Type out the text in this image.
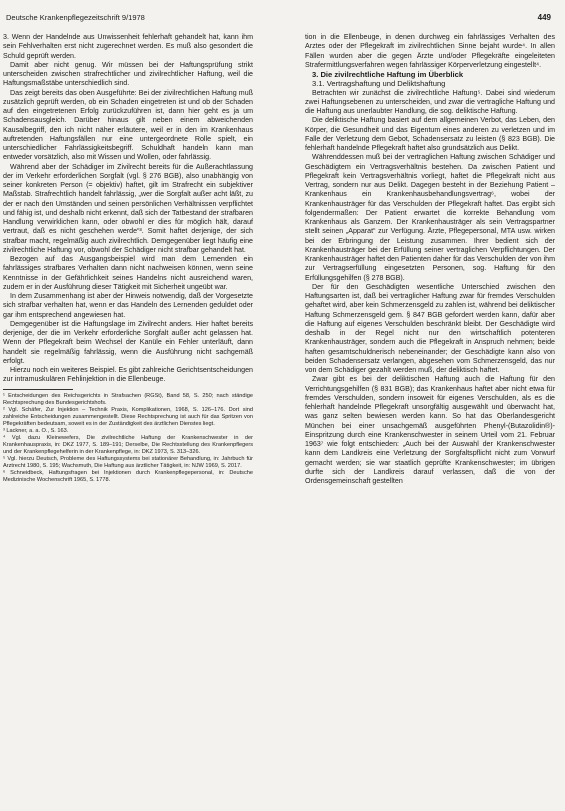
Deutsche Krankenpflegezeitschrift 9/1978	449

3. Wenn der Handelnde aus Unwissenheit fehlerhaft gehandelt hat, kann ihm sein Fehlverhalten erst nicht zugerechnet werden. Es muß also gesondert die Schuld geprüft werden.

Damit aber nicht genug. Wir müssen bei der Haftungsprüfung strikt unterscheiden zwischen strafrechtlicher und zivilrechtlicher Haftung, weil die Haftungsmaßstäbe unterschiedlich sind.

Das zeigt bereits das oben Ausgeführte: Bei der zivilrechtlichen Haftung muß zusätzlich geprüft werden, ob ein Schaden eingetreten ist und ob der Schaden auf den eingetretenen Erfolg zurückzuführen ist, dann hier geht es ja um Schadensausgleich. Darüber hinaus gilt neben einem abweichenden Kausalbegriff, den ich nicht näher erläutere, weil er in den im Krankenhaus auftretenden Haftungsfällen nur eine untergeordnete Rolle spielt, ein unterschiedlicher Fahrlässigkeitsbegriff. Schuldhaft handeln kann man entweder vorsätzlich, also mit Wissen und Wollen, oder fahrlässig.

Während aber der Schädiger im Zivilrecht bereits für die Außerachtlassung der im Verkehr erforderlichen Sorgfalt (vgl. § 276 BGB), also unabhängig von seiner konkreten Person (= objektiv) haftet, gilt im Strafrecht ein subjektiver Maßstab. Strafrechtlich handelt fahrlässig, „wer die Sorgfalt außer acht läßt, zu der er nach den Umständen und seinen persönlichen Verhältnissen verpflichtet und fähig ist, und deshalb nicht erkennt, daß sich der Tatbestand der strafbaren Handlung verwirklichen kann, oder obwohl er dies für möglich hält, darauf vertraut, daß es nicht geschehen werde“³. Somit haftet derjenige, der sich strafbar macht, regelmäßig auch zivilrechtlich. Demgegenüber liegt häufig eine zivilrechtliche Haftung vor, obwohl der Schädiger nicht strafbar gehandelt hat.

Bezogen auf das Ausgangsbeispiel wird man dem Lernenden ein fahrlässiges strafbares Verhalten dann nicht nachweisen können, wenn seine Kenntnisse in der Gefährlichkeit seines Handelns nicht ausreichend waren, zudem er in der Ausführung dieser Tätigkeit mit Sicherheit ungeübt war.

In dem Zusammenhang ist aber der Hinweis notwendig, daß der Vorgesetzte sich strafbar verhalten hat, wenn er das Handeln des Lernenden geduldet oder gar ihm entsprechend angewiesen hat.

Demgegenüber ist die Haftungslage im Zivilrecht anders. Hier haftet bereits derjenige, der die im Verkehr erforderliche Sorgfalt außer acht gelassen hat. Wenn der Pflegekraft beim Wechsel der Kanüle ein Fehler unterläuft, dann handelt sie regelmäßig fahrlässig, wenn die Ausführung nicht sachgemäß erfolgt.

Hierzu noch ein weiteres Beispiel. Es gibt zahlreiche Gerichtsentscheidungen zur intramuskulären Fehlinjektion in die Ellenbeuge.

¹ Entscheidungen des Reichsgerichts in Strafsachen (RGSt), Band 58, S. 250; nach ständige Rechtsprechung des Bundesgerichtshofs.

² Vgl. Schäfer, Zur Injektion – Technik Praxis, Komplikationen, 1968, S. 126–176. Dort sind zahlreiche Entscheidungen zusammengestellt. Diese Rechtsprechung ist auch für das Spritzen von Pflegekräften bedeutsam, soweit es in der Zuständigkeit des ärztlichen Dienstes liegt.

³ Lackner, a. a. O., S. 163.

⁴ Vgl. dazu Kleinewefers, Die zivilrechtliche Haftung der Krankenschwester in der Krankenhauspraxis, in: DKZ 1977, S. 189–191; Derselbe, Die Rechtsstellung des Krankenpflegers und der Krankenpflegehelferin in der Krankenpflege, in: DKZ 1973, S. 313–326.

⁵ Vgl. hierzu Deutsch, Probleme des Haftungssystems bei stationärer Behandlung, in: Jahrbuch für Arztrecht 1980, S. 195; Wachsmuth, Die Haftung aus ärztlicher Tätigkeit, in: NJW 1969, S. 2017.

⁶ Schneidbeck, Haftungsfragen bei Injektionen durch Krankenpflegepersonal, in: Deutsche Medizinische Wochenschrift 1965, S. 1778.

tion in die Ellenbeuge, in denen durchweg ein fahrlässiges Verhalten des Arztes oder der Pflegekraft im zivilrechtlichen Sinne bejaht wurde⁴. In allen Fällen wurden aber die gegen Ärzte und/oder Pflegekräfte eingeleiteten Strafermittlungsverfahren wegen fahrlässiger Körperverletzung eingestellt⁴.

3. Die zivilrechtliche Haftung im Überblick

3.1. Vertragshaftung und Deliktshaftung

Betrachten wir zunächst die zivilrechtliche Haftung⁵. Dabei sind wiederum zwei Haftungsebenen zu unterscheiden, und zwar die vertragliche Haftung und die Haftung aus unerlaubter Handlung, die sog. deliktische Haftung.

Die deliktische Haftung basiert auf dem allgemeinen Verbot, das Leben, den Körper, die Gesundheit und das Eigentum eines anderen zu verletzen und im Falle der Verletzung dem Gebot, Schadensersatz zu leisten (§ 823 BGB). Die fehlerhaft handelnde Pflegekraft haftet also grundsätzlich aus Delikt.

Währenddessen muß bei der vertraglichen Haftung zwischen Schädiger und Geschädigtem ein Vertragsverhältnis bestehen. Da zwischen Patient und Pflegekraft kein Vertragsverhältnis vorliegt, haftet die Pflegekraft nicht aus Vertrag, sondern nur aus Delikt. Dagegen besteht in der Beziehung Patient – Krankenhaus ein Krankenhausbehandlungsvertrag⁶, wobei der Krankenhausträger für das Verschulden der Pflegekraft haftet. Das ergibt sich folgendermaßen: Der Patient erwartet die korrekte Behandlung vom Krankenhaus als Ganzem. Der Krankenhausträger als sein Vertragspartner stellt seinen „Apparat“ zur Verfügung. Ärzte, Pflegepersonal, MTA usw. wirken bei der Erbringung der Leistung zusammen. Ihrer bedient sich der Krankenhausträger bei der Erfüllung seiner vertraglichen Verpflichtungen. Der Krankenhausträger haftet den Patienten daher für das Verschulden der von ihm zur Vertragserfüllung eingesetzten Personen, sog. Haftung für den Erfüllungsgehilfen (§ 278 BGB).

Der für den Geschädigten wesentliche Unterschied zwischen den Haftungsarten ist, daß bei vertraglicher Haftung zwar für fremdes Verschulden gehaftet wird, aber kein Schmerzensgeld zu zahlen ist, während bei deliktischer Haftung Schmerzensgeld gem. § 847 BGB gefordert werden kann, dafür aber die Haftung auf eigenes Verschulden beschränkt bleibt. Der Geschädigte wird deshalb in der Regel nicht nur den wirtschaftlich potenteren Krankenhausträger, sondern auch die Pflegekraft in Anspruch nehmen; beide haften gesamtschuldnerisch nebeneinander; der Geschädigte kann also von beiden Schadensersatz verlangen, abgesehen vom Schmerzensgeld, das nur von dem Schädiger gezahlt werden muß, der deliktisch haftet.

Zwar gibt es bei der deliktischen Haftung auch die Haftung für den Verrichtungsgehilfen (§ 831 BGB); das Krankenhaus haftet aber nicht etwa für fremdes Verschulden, sondern insoweit für eigenes Verschulden, als es die fehlerhaft handelnde Pflegekraft unsorgfältig ausgewählt und überwacht hat, was ganz selten bewiesen werden kann. So hat das Oberlandesgericht München bei einer unsachgemäß ausgeführten Phenyl-(Butazolidin®)-Einspritzung durch eine Krankenschwester in seinem Urteil vom 21. Februar 1963⁷ wie folgt entschieden: „Auch bei der Auswahl der Krankenschwester kann dem Landkreis eine Verletzung der Sorgfaltspflicht nicht zum Vorwurf gemacht werden; sie war staatlich geprüfte Krankenschwester; im übrigen durfte sich der Landkreis darauf verlassen, daß die von der Ordensgemeinschaft gestellten
